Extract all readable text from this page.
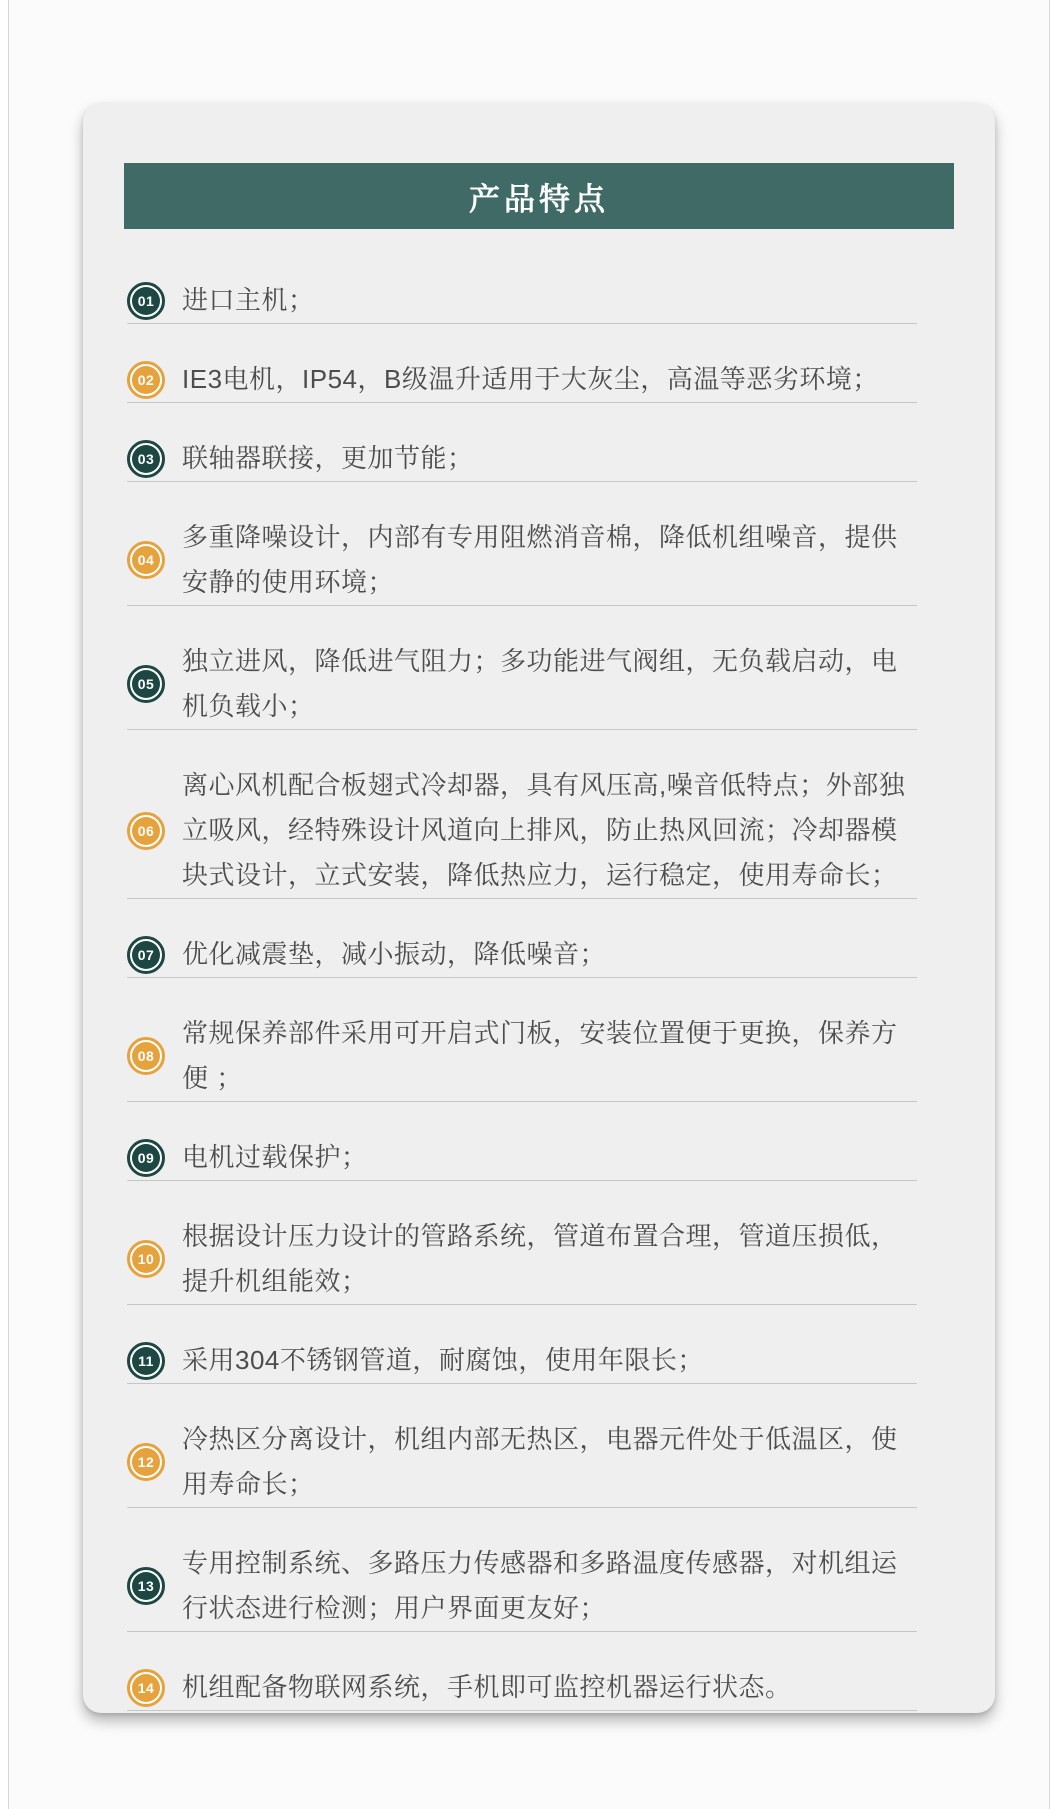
产品特点
01 进口主机；
02 IE3电机，IP54，B级温升适用于大灰尘，高温等恶劣环境；
03 联轴器联接，更加节能；
04
多重降噪设计，内部有专用阻燃消音棉，降低机组噪音，提供安静的使用环境；
05
独立进风，降低进气阻力；多功能进气阀组，无负载启动，电机负载小；
06
离心风机配合板翅式冷却器，具有风压高,噪音低特点；外部独立吸风，经特殊设计风道向上排风，防止热风回流；冷却器模块式设计，立式安装，降低热应力，运行稳定，使用寿命长；
07 优化减震垫，减小振动，降低噪音；
08
常规保养部件采用可开启式门板，安装位置便于更换，保养方便 ；
09 电机过载保护；
10
根据设计压力设计的管路系统，管道布置合理，管道压损低，提升机组能效；
11 采用304不锈钢管道，耐腐蚀，使用年限长；
12
冷热区分离设计，机组内部无热区，电器元件处于低温区，使用寿命长；
13
专用控制系统、多路压力传感器和多路温度传感器，对机组运行状态进行检测；用户界面更友好；
14 机组配备物联网系统，手机即可监控机器运行状态。
